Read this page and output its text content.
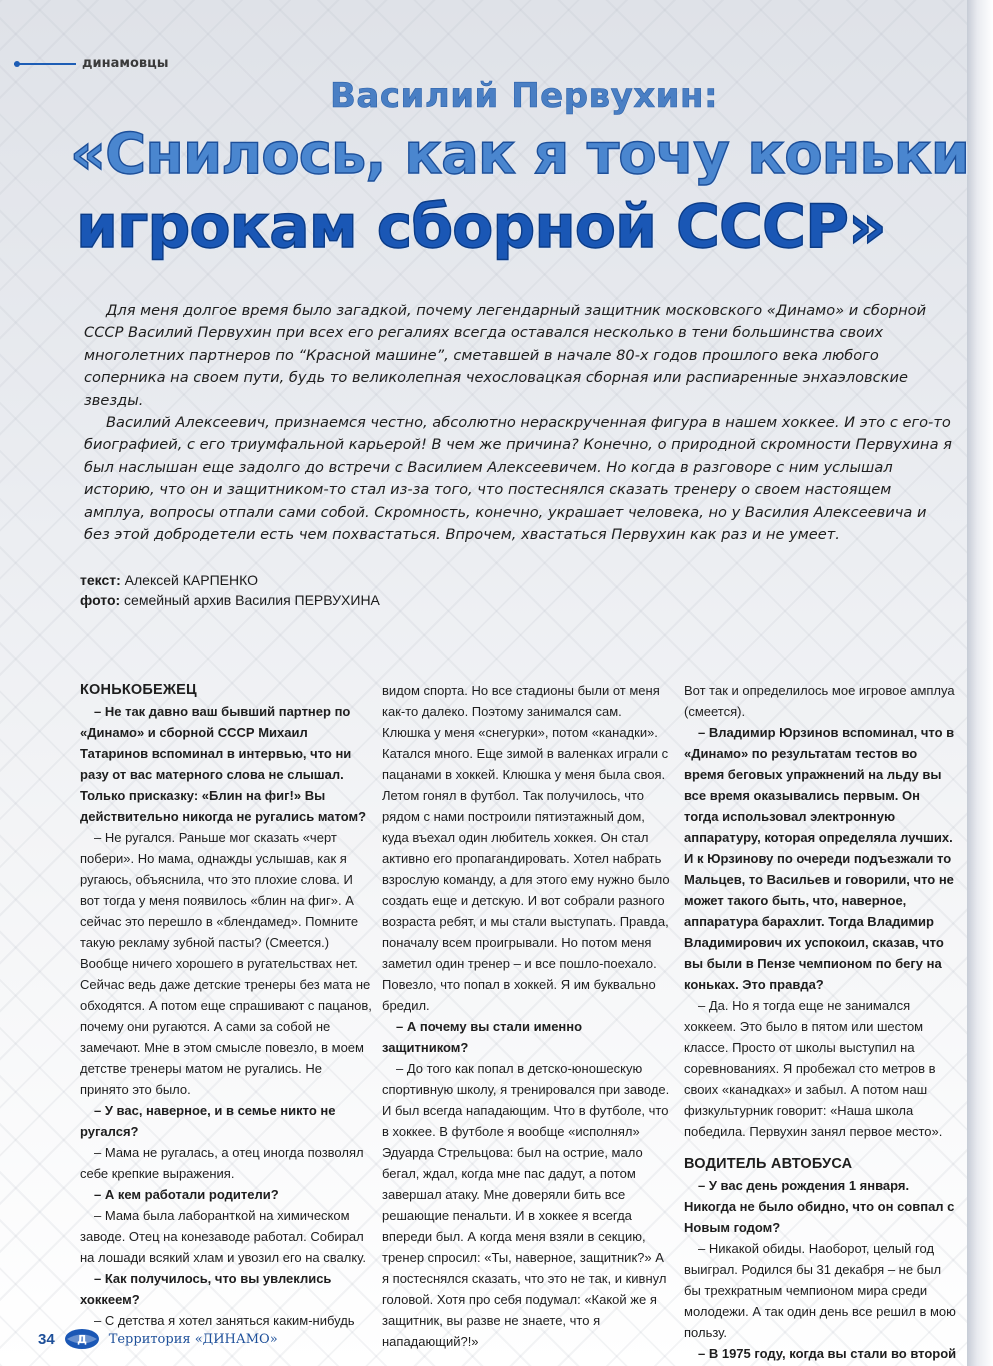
динамовцы
Василий Первухин:
«Снилось, как я точу коньки
игрокам сборной СССР»

Для меня долгое время было загадкой, почему легендарный защитник московского «Динамо» и сборной СССР Василий Первухин при всех его регалиях всегда оставался несколько в тени большинства своих многолетних партнеров по “Красной машине”, сметавшей в начале 80-х годов прошлого века любого соперника на своем пути, будь то великолепная чехословацкая сборная или распиаренные энхаэловские звезды.

Василий Алексеевич, признаемся честно, абсолютно нераскрученная фигура в нашем хоккее. И это с его-то биографией, с его триумфальной карьерой! В чем же причина? Конечно, о природной скромности Первухина я был наслышан еще задолго до встречи с Василием Алексеевичем. Но когда в разговоре с ним услышал историю, что он и защитником-то стал из-за того, что постеснялся сказать тренеру о своем настоящем амплуа, вопросы отпали сами собой. Скромность, конечно, украшает человека, но у Василия Алексеевича и без этой добродетели есть чем похвастаться. Впрочем, хвастаться Первухин как раз и не умеет.

текст: Алексей КАРПЕНКО
фото: семейный архив Василия ПЕРВУХИНА
КОНЬКОБЕЖЕЦ

– Не так давно ваш бывший партнер по «Динамо» и сборной СССР Михаил Татаринов вспоминал в интервью, что ни разу от вас матерного слова не слышал. Только присказку: «Блин на фиг!» Вы действительно никогда не ругались матом?

– Не ругался. Раньше мог сказать «черт побери». Но мама, однажды услышав, как я ругаюсь, объяснила, что это плохие слова. И вот тогда у меня появилось «блин на фиг». А сейчас это перешло в «блендамед». Помните такую рекламу зубной пасты? (Смеется.) Вообще ничего хорошего в ругательствах нет. Сейчас ведь даже детские тренеры без мата не обходятся. А потом еще спрашивают с пацанов, почему они ругаются. А сами за собой не замечают. Мне в этом смысле повезло, в моем детстве тренеры матом не ругались. Не принято это было.

– У вас, наверное, и в семье никто не ругался?

– Мама не ругалась, а отец иногда позволял себе крепкие выражения.

– А кем работали родители?

– Мама была лаборанткой на химическом заводе. Отец на конезаводе работал. Собирал на лошади всякий хлам и увозил его на свалку.

– Как получилось, что вы увлеклись хоккеем?

– С детства я хотел заняться каким-нибудь

видом спорта. Но все стадионы были от меня как-то далеко. Поэтому занимался сам. Клюшка у меня «снегурки», потом «канадки». Катался много. Еще зимой в валенках играли с пацанами в хоккей. Клюшка у меня была своя. Летом гонял в футбол. Так получилось, что рядом с нами построили пятиэтажный дом, куда въехал один любитель хоккея. Он стал активно его пропагандировать. Хотел набрать взрослую команду, а для этого ему нужно было создать еще и детскую. И вот собрали разного возраста ребят, и мы стали выступать. Правда, поначалу всем проигрывали. Но потом меня заметил один тренер – и все пошло-поехало. Повезло, что попал в хоккей. Я им буквально бредил.

– А почему вы стали именно защитником?

– До того как попал в детско-юношескую спортивную школу, я тренировался при заводе. И был всегда нападающим. Что в футболе, что в хоккее. В футболе я вообще «исполнял» Эдуарда Стрельцова: был на острие, мало бегал, ждал, когда мне пас дадут, а потом завершал атаку. Мне доверяли бить все решающие пенальти. И в хоккее я всегда впереди был. А когда меня взяли в секцию, тренер спросил: «Ты, наверное, защитник?» А я постеснялся сказать, что это не так, и кивнул головой. Хотя про себя подумал: «Какой же я защитник, вы разве не знаете, что я нападающий?!»

Вот так и определилось мое игровое амплуа (смеется).

– Владимир Юрзинов вспоминал, что в «Динамо» по результатам тестов во время беговых упражнений на льду вы все время оказывались первым. Он тогда использовал электронную аппаратуру, которая определяла лучших. И к Юрзинову по очереди подъезжали то Мальцев, то Васильев и говорили, что не может такого быть, что, наверное, аппаратура барахлит. Тогда Владимир Владимирович их успокоил, сказав, что вы были в Пензе чемпионом по бегу на коньках. Это правда?

– Да. Но я тогда еще не занимался хоккеем. Это было в пятом или шестом классе. Просто от школы выступил на соревнованиях. Я пробежал сто метров в своих «канадках» и забыл. А потом наш физкультурник говорит: «Наша школа победила. Первухин занял первое место».

ВОДИТЕЛЬ АВТОБУСА

– У вас день рождения 1 января. Никогда не было обидно, что он совпал с Новым годом?

– Никакой обиды. Наоборот, целый год выиграл. Родился бы 31 декабря – не был бы трехкратным чемпионом мира среди молодежи. А так один день все решил в мою пользу.

– В 1975 году, когда вы стали во второй

34 Д Территория «ДИНАМО»
